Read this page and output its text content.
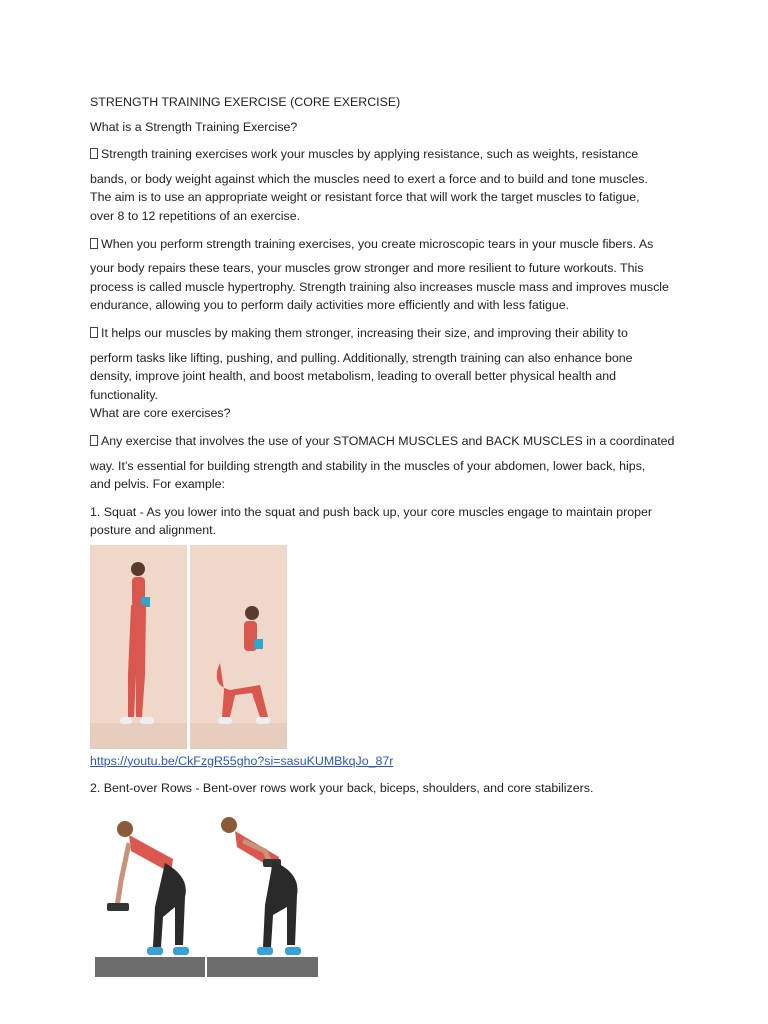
STRENGTH TRAINING EXERCISE (CORE EXERCISE)

What is a Strength Training Exercise?

Strength training exercises work your muscles by applying resistance, such as weights, resistance

bands, or body weight against which the muscles need to exert a force and to build and tone muscles.

The aim is to use an appropriate weight or resistant force that will work the target muscles to fatigue,

over 8 to 12 repetitions of an exercise.

When you perform strength training exercises, you create microscopic tears in your muscle fibers. As

your body repairs these tears, your muscles grow stronger and more resilient to future workouts. This

process is called muscle hypertrophy. Strength training also increases muscle mass and improves muscle

endurance, allowing you to perform daily activities more efficiently and with less fatigue.

It helps our muscles by making them stronger, increasing their size, and improving their ability to

perform tasks like lifting, pushing, and pulling. Additionally, strength training can also enhance bone

density, improve joint health, and boost metabolism, leading to overall better physical health and

functionality.

What are core exercises?

Any exercise that involves the use of your STOMACH MUSCLES and BACK MUSCLES in a coordinated

way. It’s essential for building strength and stability in the muscles of your abdomen, lower back, hips,

and pelvis. For example:

1. Squat - As you lower into the squat and push back up, your core muscles engage to maintain proper

posture and alignment.

https://youtu.be/CkFzgR55gho?si=sasuKUMBkqJo_87r

2. Bent-over Rows - Bent-over rows work your back, biceps, shoulders, and core stabilizers.
